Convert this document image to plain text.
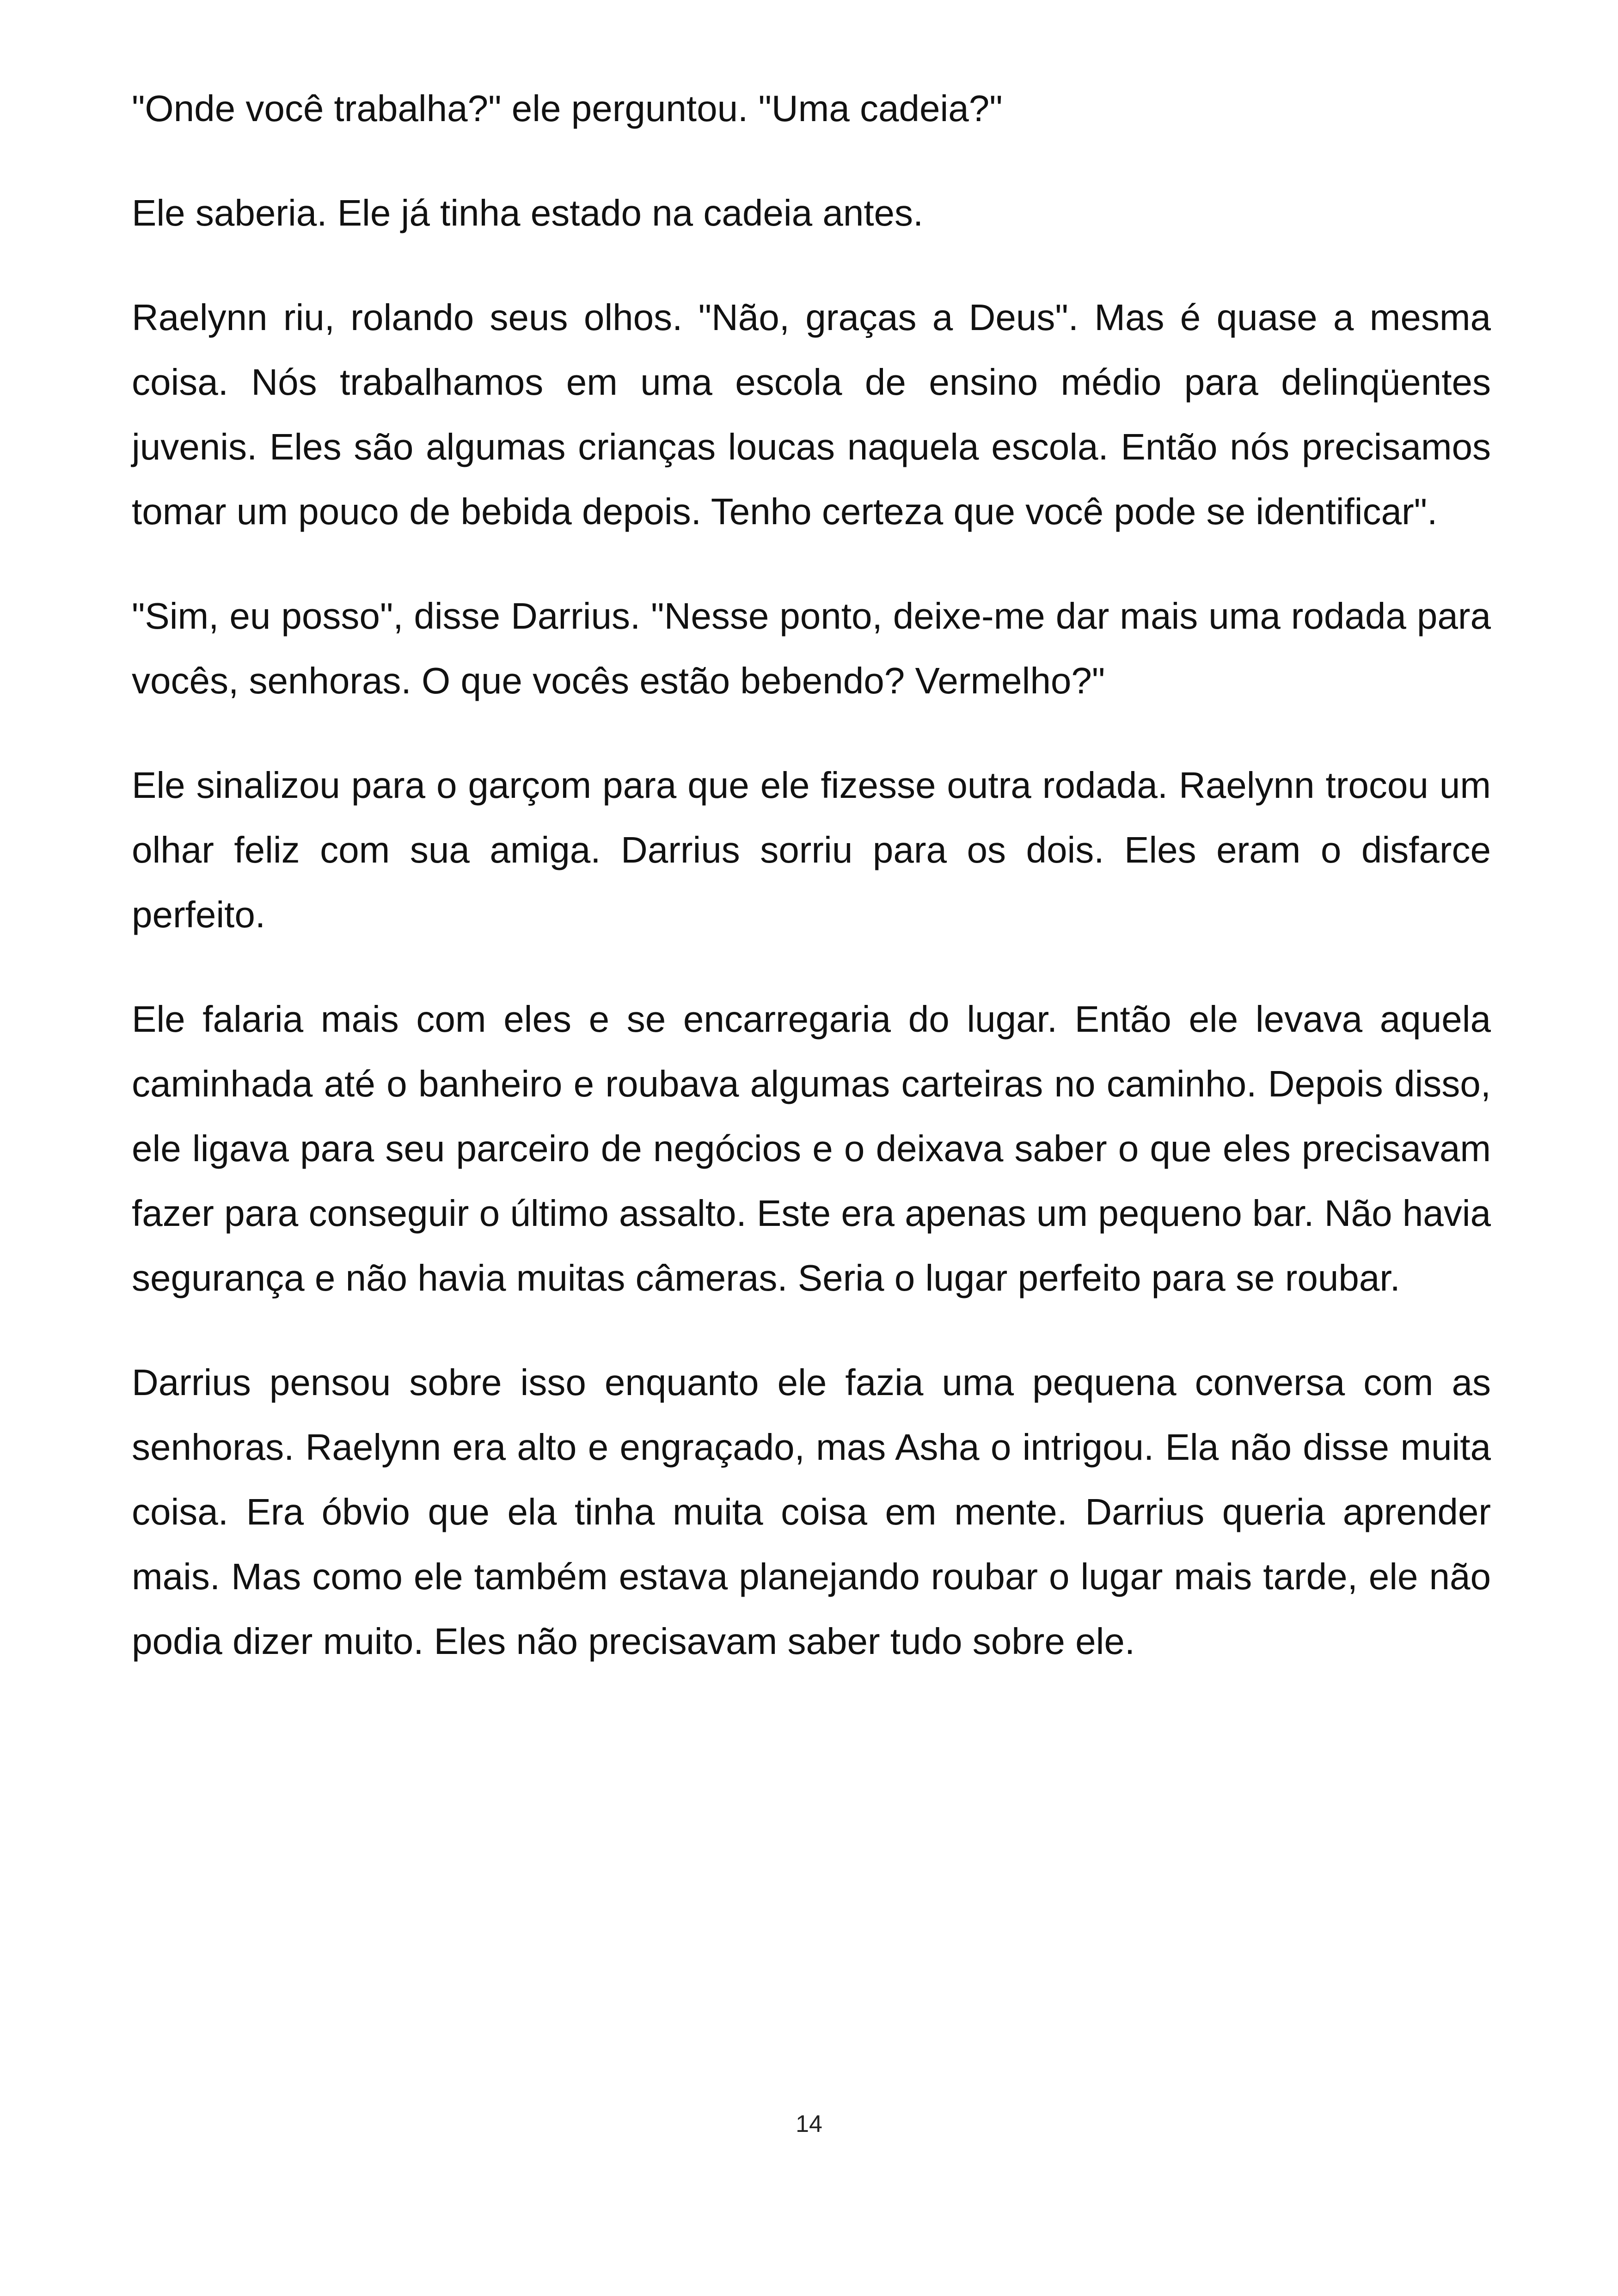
"Onde você trabalha?" ele perguntou. "Uma cadeia?"

Ele saberia. Ele já tinha estado na cadeia antes.

Raelynn riu, rolando seus olhos. "Não, graças a Deus". Mas é quase a mesma coisa. Nós trabalhamos em uma escola de ensino médio para delinqüentes juvenis. Eles são algumas crianças loucas naquela escola. Então nós precisamos tomar um pouco de bebida depois. Tenho certeza que você pode se identificar".

"Sim, eu posso", disse Darrius. "Nesse ponto, deixe-me dar mais uma rodada para vocês, senhoras. O que vocês estão bebendo? Vermelho?"

Ele sinalizou para o garçom para que ele fizesse outra rodada. Raelynn trocou um olhar feliz com sua amiga. Darrius sorriu para os dois. Eles eram o disfarce perfeito.

Ele falaria mais com eles e se encarregaria do lugar. Então ele levava aquela caminhada até o banheiro e roubava algumas carteiras no caminho. Depois disso, ele ligava para seu parceiro de negócios e o deixava saber o que eles precisavam fazer para conseguir o último assalto. Este era apenas um pequeno bar. Não havia segurança e não havia muitas câmeras. Seria o lugar perfeito para se roubar.

Darrius pensou sobre isso enquanto ele fazia uma pequena conversa com as senhoras. Raelynn era alto e engraçado, mas Asha o intrigou. Ela não disse muita coisa. Era óbvio que ela tinha muita coisa em mente. Darrius queria aprender mais. Mas como ele também estava planejando roubar o lugar mais tarde, ele não podia dizer muito. Eles não precisavam saber tudo sobre ele.

14
